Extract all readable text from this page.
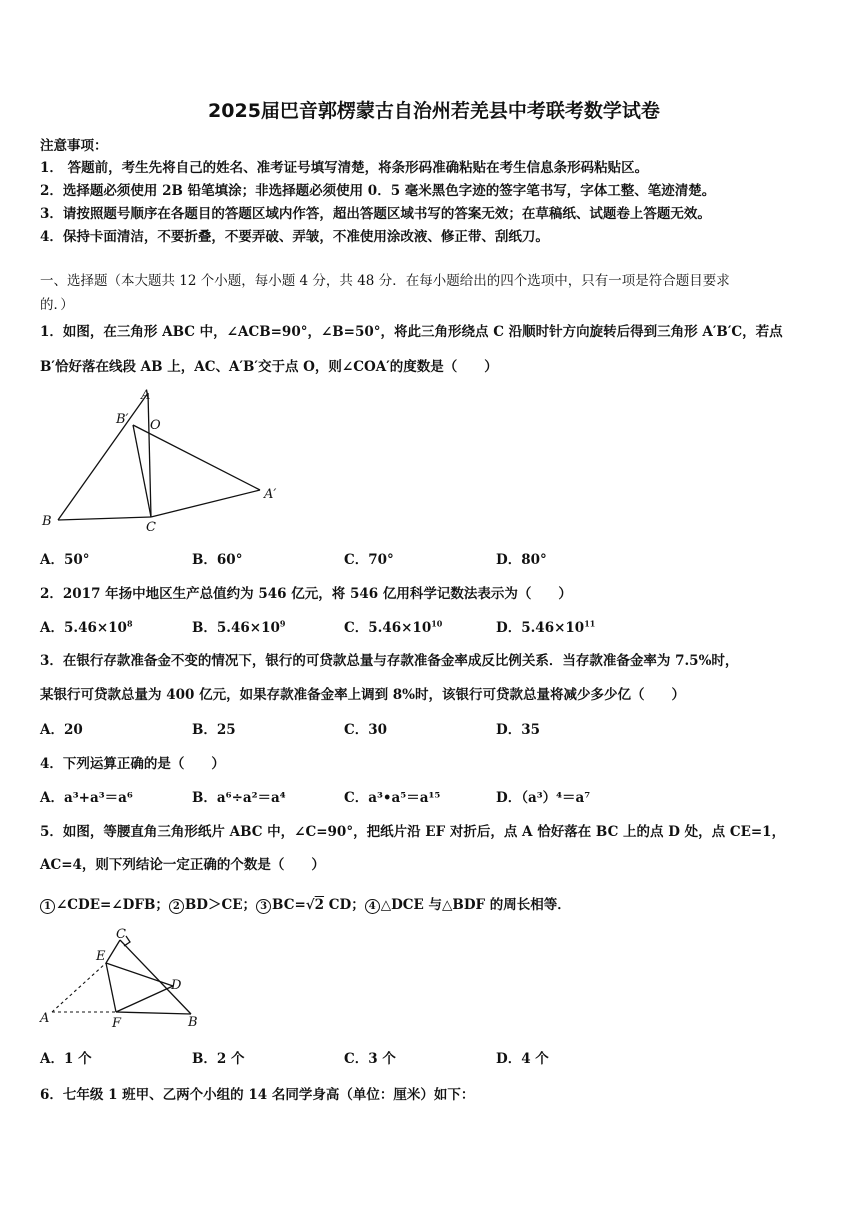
2025届巴音郭楞蒙古自治州若羌县中考联考数学试卷
注意事项：
1． 答题前，考生先将自己的姓名、准考证号填写清楚，将条形码准确粘贴在考生信息条形码粘贴区。
2．选择题必须使用 2B 铅笔填涂；非选择题必须使用 0．5 毫米黑色字迹的签字笔书写，字体工整、笔迹清楚。
3．请按照题号顺序在各题目的答题区域内作答，超出答题区域书写的答案无效；在草稿纸、试题卷上答题无效。
4．保持卡面清洁，不要折叠，不要弄破、弄皱，不准使用涂改液、修正带、刮纸刀。
一、选择题（本大题共 12 个小题，每小题 4 分，共 48 分．在每小题给出的四个选项中，只有一项是符合题目要求
的．）
1．如图，在三角形 ABC 中，∠ACB=90°，∠B=50°，将此三角形绕点 C 沿顺时针方向旋转后得到三角形 A′B′C，若点
B′恰好落在线段 AB 上，AC、A′B′交于点 O，则∠COA′的度数是（　　）
A
B′ O
A′
B	C
A．50°	B．60°	C．70°	D．80°
2．2017 年扬中地区生产总值约为 546 亿元，将 546 亿用科学记数法表示为（　　）
A．$5.46\times 10^8$	B．$5.46\times 10^9$	C．$5.46\times 10^{10}$	D．$5.46\times 10^{11}$
3．在银行存款准备金不变的情况下，银行的可贷款总量与存款准备金率成反比例关系．当存款准备金率为 7.5%时，
某银行可贷款总量为 400 亿元，如果存款准备金率上调到 8%时，该银行可贷款总量将减少多少亿（　　）
A．20	B．25	C．30	D．35
4．下列运算正确的是（　　）
A．a³+a³＝a⁶	B．a⁶÷a²＝a⁴	C．a³•a⁵＝a¹⁵	D．（a³）⁴＝a⁷
5．如图，等腰直角三角形纸片 ABC 中，∠C=90°，把纸片沿 EF 对折后，点 A 恰好落在 BC 上的点 D 处，点 CE=1，
AC=4，则下列结论一定正确的个数是（　　）
1 ∠CDE=∠DFB； 2 BD＞CE； 3 BC=√2 CD； 4 △DCE 与△BDF 的周长相等．
C
E
D
A	F	B
A．1 个	B．2 个	C．3 个	D．4 个
6．七年级 1 班甲、乙两个小组的 14 名同学身高（单位：厘米）如下：
